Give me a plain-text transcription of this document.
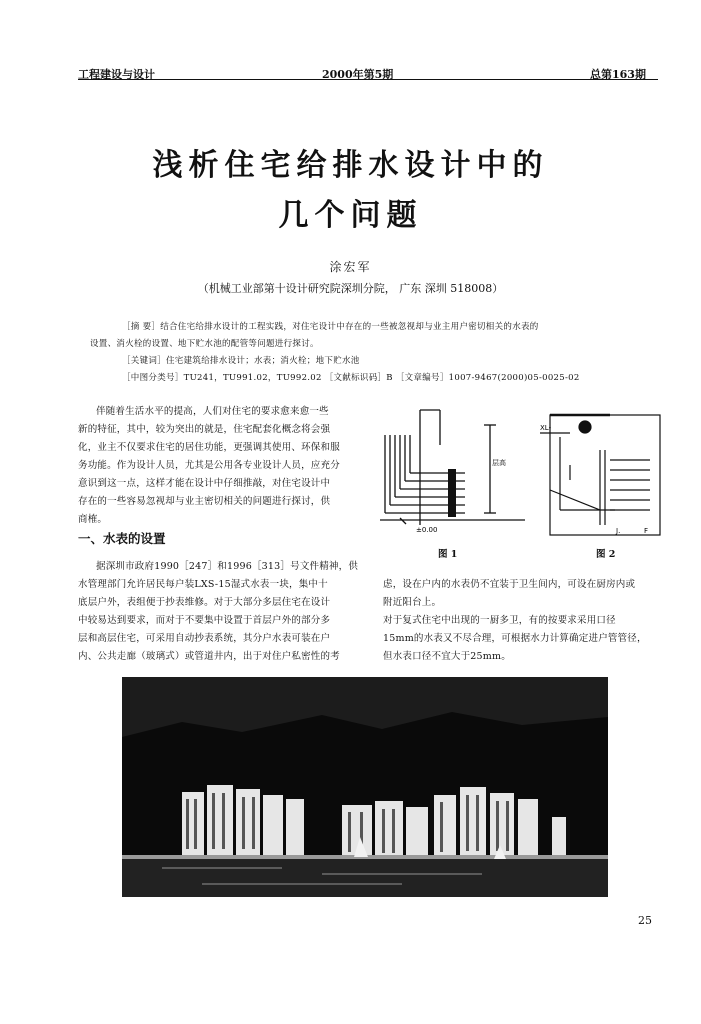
工程建设与设计	2000年第5期	总第163期
浅析住宅给排水设计中的
几个问题
涂宏军
（机械工业部第十设计研究院深圳分院， 广东 深圳 518008）
［摘 要］结合住宅给排水设计的工程实践，对住宅设计中存在的一些被忽视却与业主用户密切相关的水表的
设置、消火栓的设置、地下贮水池的配管等问题进行探讨。
［关键词］住宅建筑给排水设计；水表；消火栓；地下贮水池
［中图分类号］TU241，TU991.02，TU992.02 ［文献标识码］B ［文章编号］1007-9467(2000)05-0025-02
伴随着生活水平的提高，人们对住宅的要求愈来愈一些
新的特征，其中，较为突出的就是，住宅配套化概念将会强
化，业主不仅要求住宅的居住功能，更强调其使用、环保和服
务功能。作为设计人员，尤其是公用各专业设计人员，应充分
意识到这一点，这样才能在设计中仔细推敲，对住宅设计中
存在的一些容易忽视却与业主密切相关的问题进行探讨，供
商榷。
一、水表的设置
据深圳市政府1990［247］和1996［313］号文件精神，供
水管理部门允许居民每户装LXS-15湿式水表一块，集中十
底层户外，表组便于抄表维修。对于大部分多层住宅在设计
中较易达到要求，而对于不要集中设置于首层户外的部分多
层和高层住宅，可采用自动抄表系统，其分户水表可装在户
内、公共走廊（玻璃式）或管道井内，出于对住户私密性的考
虑，设在户内的水表仍不宜装于卫生间内，可设在厨房内或
附近阳台上。
对于复式住宅中出现的一厨多卫，有的按要求采用口径
15mm的水表又不尽合理，可根据水力计算确定进户管管径，
但水表口径不宜大于25mm。
层高
±0.00
图 1
XL-
J.	F
图 2
25
